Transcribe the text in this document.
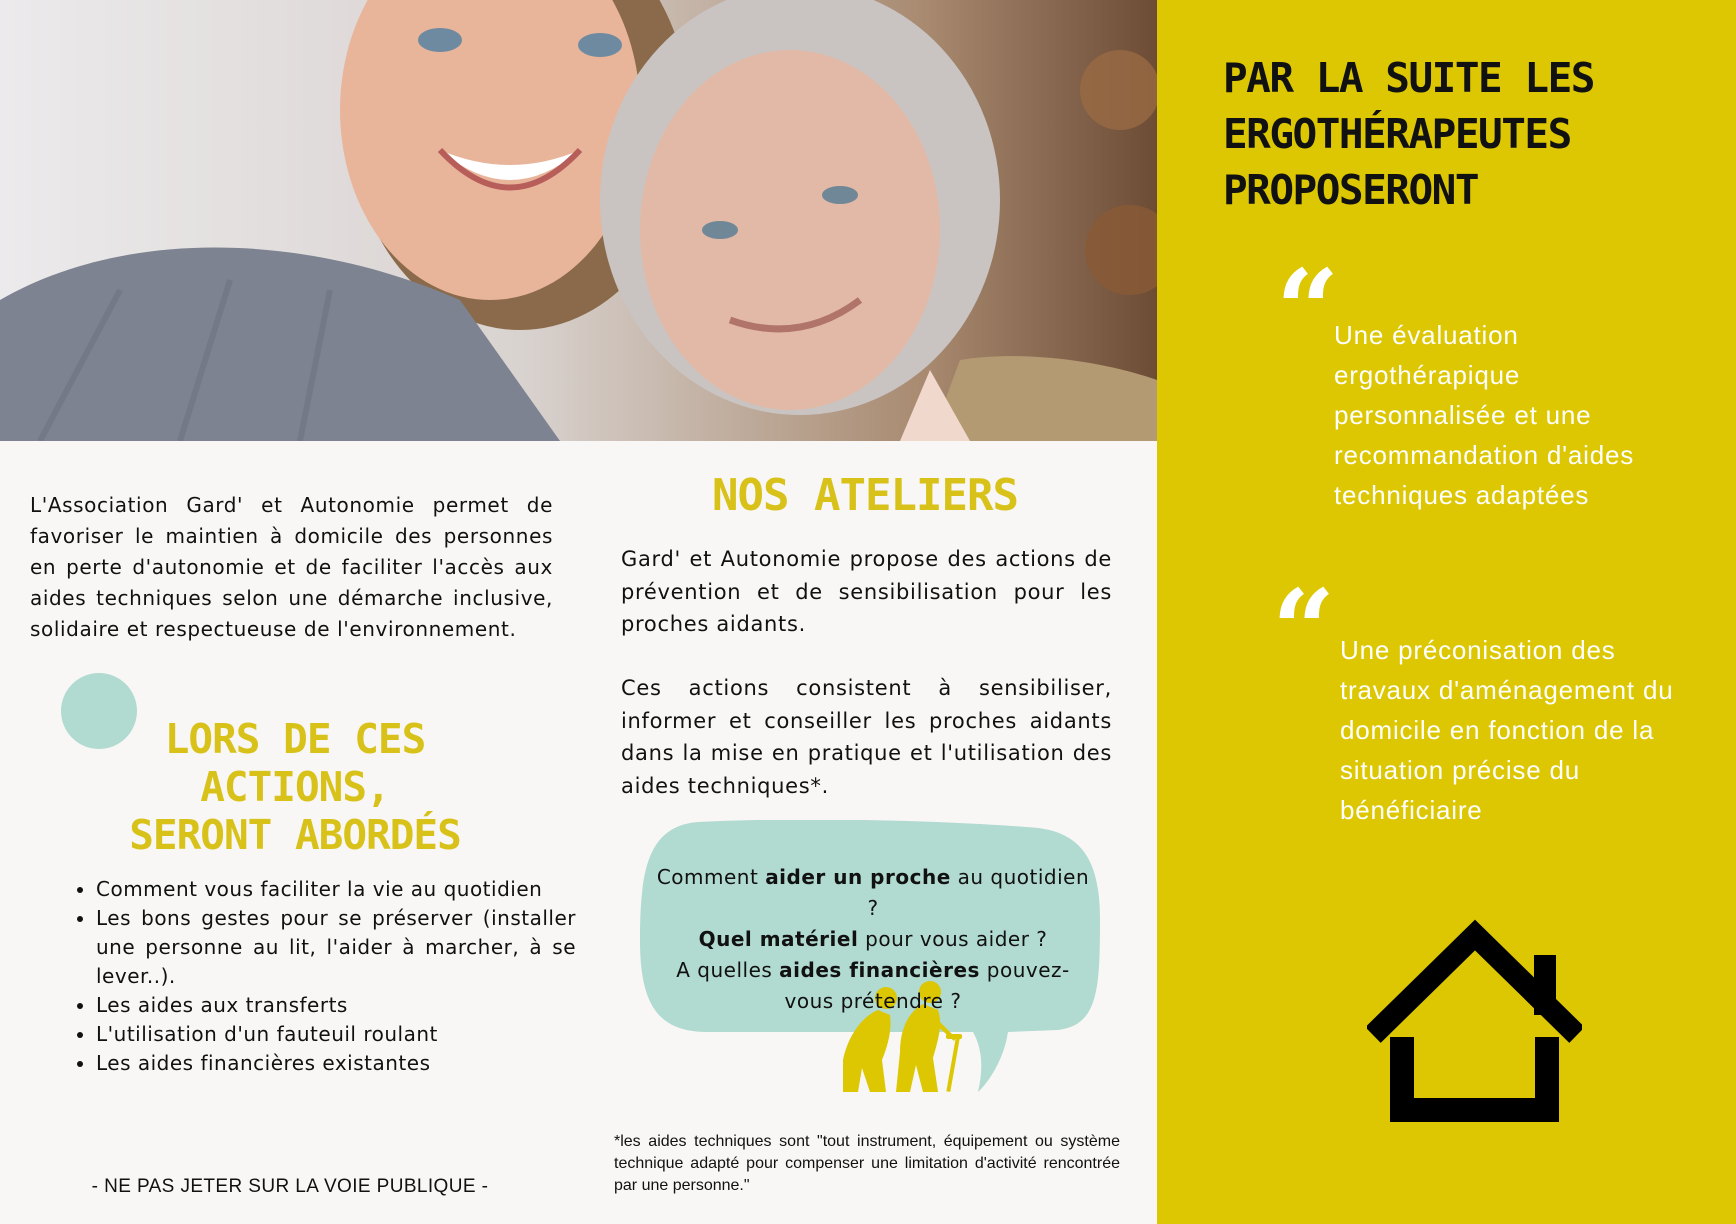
L'Association Gard' et Autonomie permet de favoriser le maintien à domicile des personnes en perte d'autonomie et de faciliter l'accès aux aides techniques selon une démarche inclusive, solidaire et respectueuse de l'environnement.

LORS DE CES ACTIONS,
SERONT ABORDÉS
• Comment vous faciliter la vie au quotidien
• Les bons gestes pour se préserver (installer une personne au lit, l'aider à marcher, à se lever..).
• Les aides aux transferts
• L'utilisation d'un fauteuil roulant
• Les aides financières existantes
- NE PAS JETER SUR LA VOIE PUBLIQUE -
NOS ATELIERS

Gard' et Autonomie propose des actions de prévention et de sensibilisation pour les proches aidants.

Ces actions consistent à sensibiliser, informer et conseiller les proches aidants dans la mise en pratique et l'utilisation des aides techniques*.

Comment aider un proche au quotidien ?
Quel matériel pour vous aider ?
A quelles aides financières pouvez-vous prétendre ?
*les aides techniques sont "tout instrument, équipement ou système technique adapté pour compenser une limitation d'activité rencontrée par une personne."
PAR LA SUITE LES
ERGOTHÉRAPEUTES
PROPOSERONT
“
Une évaluation ergothérapique personnalisée et une recommandation d'aides techniques adaptées
“ Une préconisation des travaux d'aménagement du domicile en fonction de la situation précise du bénéficiaire
